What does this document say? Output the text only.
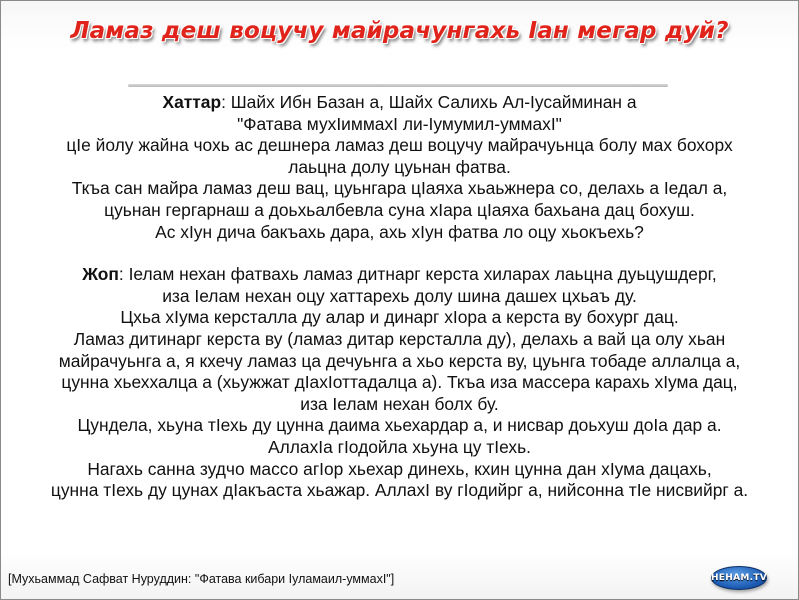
Ламаз деш воцучу майрачунгахь Iан мегар дуй?
Хаттар: Шайх Ибн Базан а, Шайх Салихь Ал-Iусайминан а
"Фатава мухIиммахI ли-Iумумил-уммахI"
цIе йолу жайна чохь ас дешнера ламаз деш воцучу майрачуьнца болу мах бохорх
лаьцна долу цуьнан фатва.
Ткъа сан майра ламаз деш вац, цуьнгара цIаяха хьаьжнера со, делахь а Iедал а,
цуьнан гергарнаш а доьхьалбевла суна хIара цIаяха бахьана дац бохуш.
Ас хIун дича бакъахь дара, ахь хIун фатва ло оцу хьокъехь?
Жоп: Iелам нехан фатвахь ламаз дитнарг керста хиларах лаьцна дуьцушдерг,
иза Iелам нехан оцу хаттарехь долу шина дашех цхьаъ ду.
Цхьа хIума керсталла ду алар и динарг хIора а керста ву бохург дац.
Ламаз дитинарг керста ву (ламаз дитар керсталла ду), делахь а вай ца олу хьан
майрачуьнга а, я кхечу ламаз ца дечуьнга а хьо керста ву, цуьнга тобаде аллалца а,
цунна хьеххалца а (хьужжат дIахIоттадалца а). Ткъа иза массера карахь хIума дац,
иза Iелам нехан болх бу.
Цундела, хьуна тIехь ду цунна даима хьехардар а, и нисвар доьхуш доIа дар а.
АллахIа гIодойла хьуна цу тIехь.
Нагахь санна зудчо массо агIор хьехар динехь, кхин цунна дан хIума дацахь,
цунна тIехь ду цунах дIакъаста хьажар. АллахI ву гIодийрг а, нийсонна тIе нисвийрг а.
[Мухьаммад Сафват Нуруддин: "Фатава кибари Iуламаил-уммахI"]	НЕНАМ.TV
